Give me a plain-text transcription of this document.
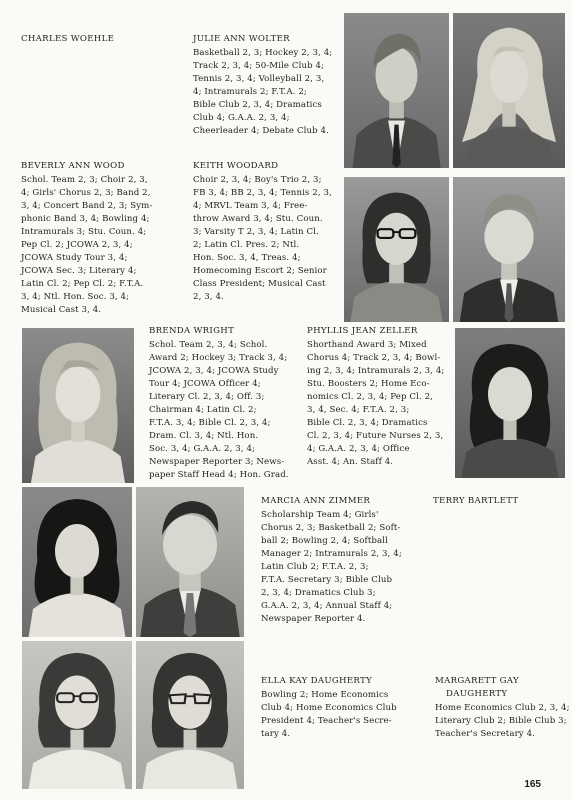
CHARLES WOEHLE	JULIE ANN WOLTER
Basketball 2, 3; Hockey 2, 3, 4;
Track 2, 3, 4; 50-Mile Club 4;
Tennis 2, 3, 4; Volleyball 2, 3,
4; Intramurals 2; F.T.A. 2;
Bible Club 2, 3, 4; Dramatics
Club 4; G.A.A. 2, 3, 4;
Cheerleader 4; Debate Club 4.
BEVERLY ANN WOOD
Schol. Team 2, 3; Choir 2, 3,
4; Girls' Chorus 2, 3; Band 2,
3, 4; Concert Band 2, 3; Sym-
phonic Band 3, 4; Bowling 4;
Intramurals 3; Stu. Coun. 4;
Pep Cl. 2; JCOWA 2, 3, 4;
JCOWA Study Tour 3, 4;
JCOWA Sec. 3; Literary 4;
Latin Cl. 2; Pep Cl. 2; F.T.A.
3, 4; Ntl. Hon. Soc. 3, 4;
Musical Cast 3, 4.
KEITH WOODARD
Choir 2, 3, 4; Boy's Trio 2, 3;
FB 3, 4; BB 2, 3, 4; Tennis 2, 3,
4; MRVL Team 3, 4; Free-
throw Award 3, 4; Stu. Coun.
3; Varsity T 2, 3, 4; Latin Cl.
2; Latin Cl. Pres. 2; Ntl.
Hon. Soc. 3, 4, Treas. 4;
Homecoming Escort 2; Senior
Class President; Musical Cast
2, 3, 4.
BRENDA WRIGHT
Schol. Team 2, 3, 4; Schol.
Award 2; Hockey 3; Track 3, 4;
JCOWA 2, 3, 4; JCOWA Study
Tour 4; JCOWA Officer 4;
Literary Cl. 2, 3, 4; Off. 3;
Chairman 4; Latin Cl. 2;
F.T.A. 3, 4; Bible Cl. 2, 3, 4;
Dram. Cl. 3, 4; Ntl. Hon.
Soc. 3, 4; G.A.A. 2, 3, 4;
Newspaper Reporter 3; News-
paper Staff Head 4; Hon. Grad.
PHYLLIS JEAN ZELLER
Shorthand Award 3; Mixed
Chorus 4; Track 2, 3, 4; Bowl-
ing 2, 3, 4; Intramurals 2, 3, 4;
Stu. Boosters 2; Home Eco-
nomics Cl. 2, 3, 4; Pep Cl. 2,
3, 4, Sec. 4; F.T.A. 2, 3;
Bible Cl. 2, 3, 4; Dramatics
Cl. 2, 3, 4; Future Nurses 2, 3,
4; G.A.A. 2, 3, 4; Office
Asst. 4; An. Staff 4.
MARCIA ANN ZIMMER
Scholarship Team 4; Girls'
Chorus 2, 3; Basketball 2; Soft-
ball 2; Bowling 2, 4; Softball
Manager 2; Intramurals 2, 3, 4;
Latin Club 2; F.T.A. 2, 3;
F.T.A. Secretary 3; Bible Club
2, 3, 4; Dramatics Club 3;
G.A.A. 2, 3, 4; Annual Staff 4;
Newspaper Reporter 4.
TERRY BARTLETT
ELLA KAY DAUGHERTY
Bowling 2; Home Economics
Club 4; Home Economics Club
President 4; Teacher's Secre-
tary 4.
MARGARETT GAY
DAUGHERTY
Home Economics Club 2, 3, 4;
Literary Club 2; Bible Club 3;
Teacher's Secretary 4.
165
